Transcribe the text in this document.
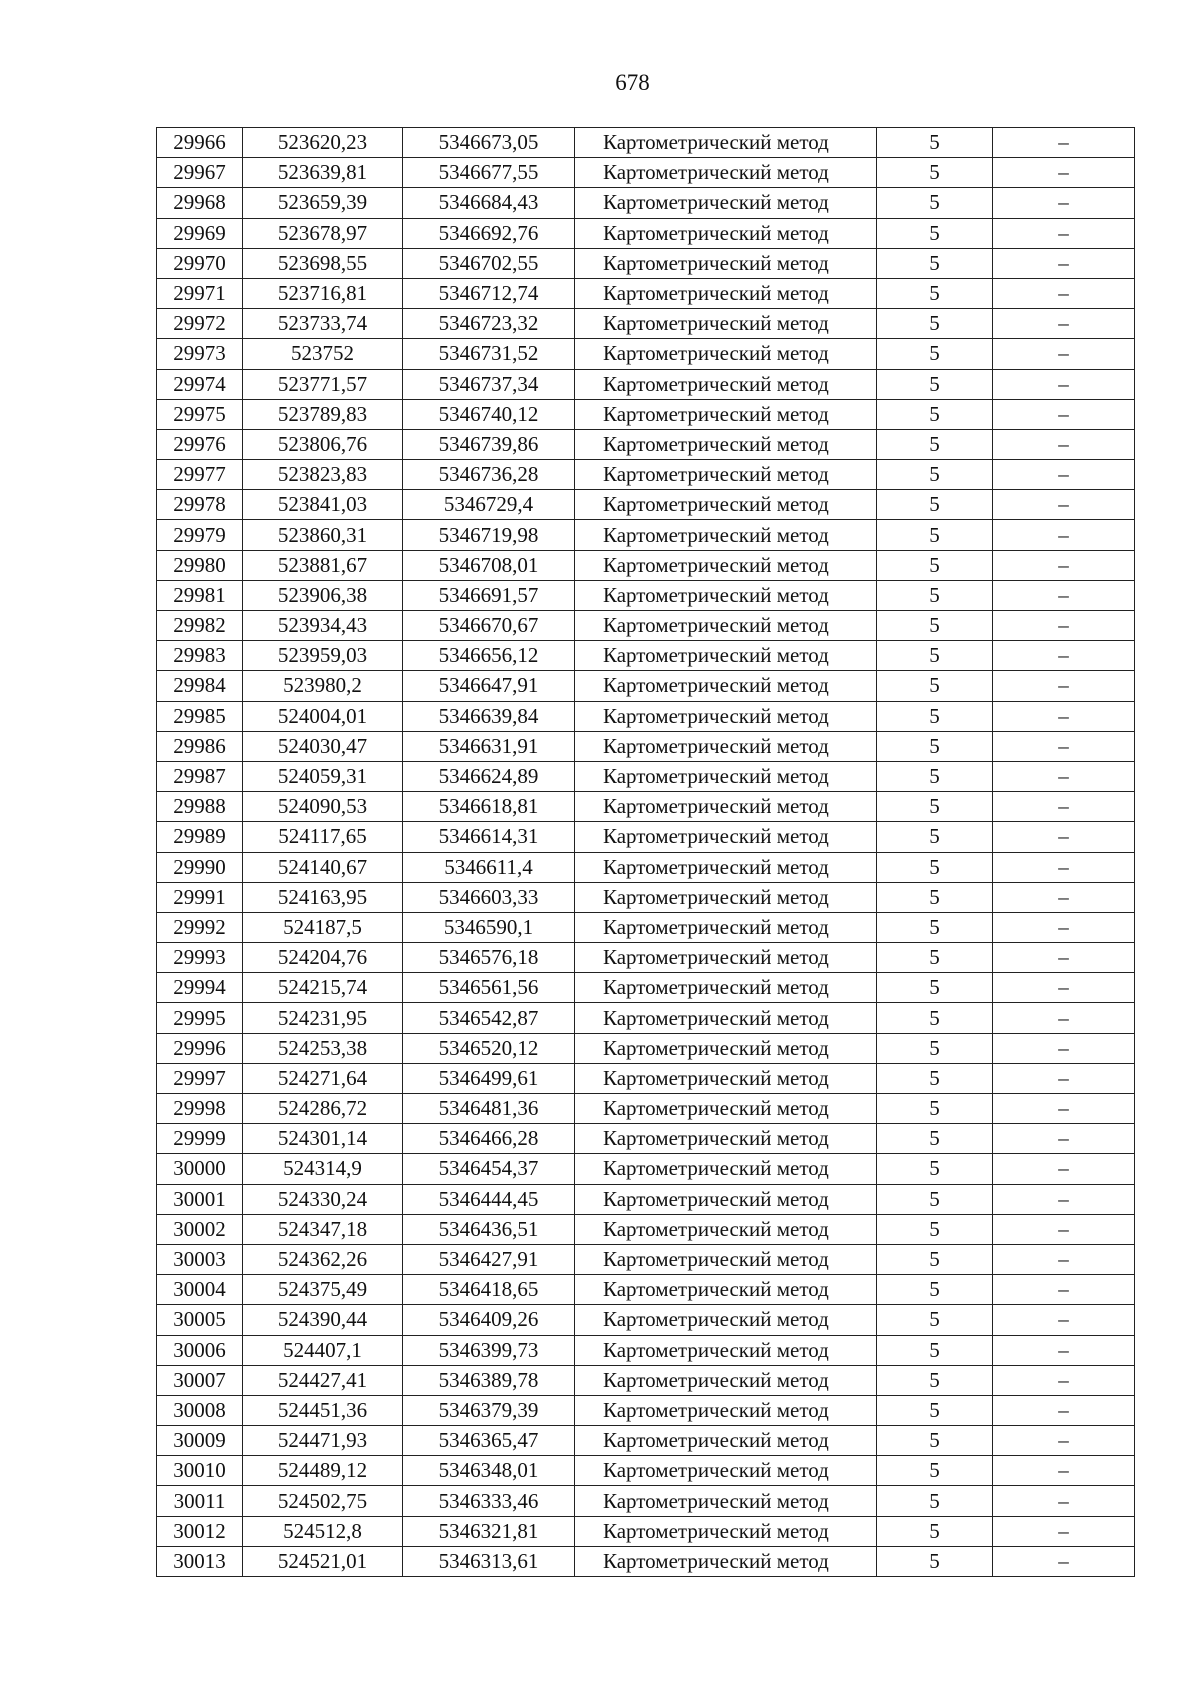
678
29966	523620,23	5346673,05	Картометрический метод	5	–
29967	523639,81	5346677,55	Картометрический метод	5	–
29968	523659,39	5346684,43	Картометрический метод	5	–
29969	523678,97	5346692,76	Картометрический метод	5	–
29970	523698,55	5346702,55	Картометрический метод	5	–
29971	523716,81	5346712,74	Картометрический метод	5	–
29972	523733,74	5346723,32	Картометрический метод	5	–
29973	523752	5346731,52	Картометрический метод	5	–
29974	523771,57	5346737,34	Картометрический метод	5	–
29975	523789,83	5346740,12	Картометрический метод	5	–
29976	523806,76	5346739,86	Картометрический метод	5	–
29977	523823,83	5346736,28	Картометрический метод	5	–
29978	523841,03	5346729,4	Картометрический метод	5	–
29979	523860,31	5346719,98	Картометрический метод	5	–
29980	523881,67	5346708,01	Картометрический метод	5	–
29981	523906,38	5346691,57	Картометрический метод	5	–
29982	523934,43	5346670,67	Картометрический метод	5	–
29983	523959,03	5346656,12	Картометрический метод	5	–
29984	523980,2	5346647,91	Картометрический метод	5	–
29985	524004,01	5346639,84	Картометрический метод	5	–
29986	524030,47	5346631,91	Картометрический метод	5	–
29987	524059,31	5346624,89	Картометрический метод	5	–
29988	524090,53	5346618,81	Картометрический метод	5	–
29989	524117,65	5346614,31	Картометрический метод	5	–
29990	524140,67	5346611,4	Картометрический метод	5	–
29991	524163,95	5346603,33	Картометрический метод	5	–
29992	524187,5	5346590,1	Картометрический метод	5	–
29993	524204,76	5346576,18	Картометрический метод	5	–
29994	524215,74	5346561,56	Картометрический метод	5	–
29995	524231,95	5346542,87	Картометрический метод	5	–
29996	524253,38	5346520,12	Картометрический метод	5	–
29997	524271,64	5346499,61	Картометрический метод	5	–
29998	524286,72	5346481,36	Картометрический метод	5	–
29999	524301,14	5346466,28	Картометрический метод	5	–
30000	524314,9	5346454,37	Картометрический метод	5	–
30001	524330,24	5346444,45	Картометрический метод	5	–
30002	524347,18	5346436,51	Картометрический метод	5	–
30003	524362,26	5346427,91	Картометрический метод	5	–
30004	524375,49	5346418,65	Картометрический метод	5	–
30005	524390,44	5346409,26	Картометрический метод	5	–
30006	524407,1	5346399,73	Картометрический метод	5	–
30007	524427,41	5346389,78	Картометрический метод	5	–
30008	524451,36	5346379,39	Картометрический метод	5	–
30009	524471,93	5346365,47	Картометрический метод	5	–
30010	524489,12	5346348,01	Картометрический метод	5	–
30011	524502,75	5346333,46	Картометрический метод	5	–
30012	524512,8	5346321,81	Картометрический метод	5	–
30013	524521,01	5346313,61	Картометрический метод	5	–
